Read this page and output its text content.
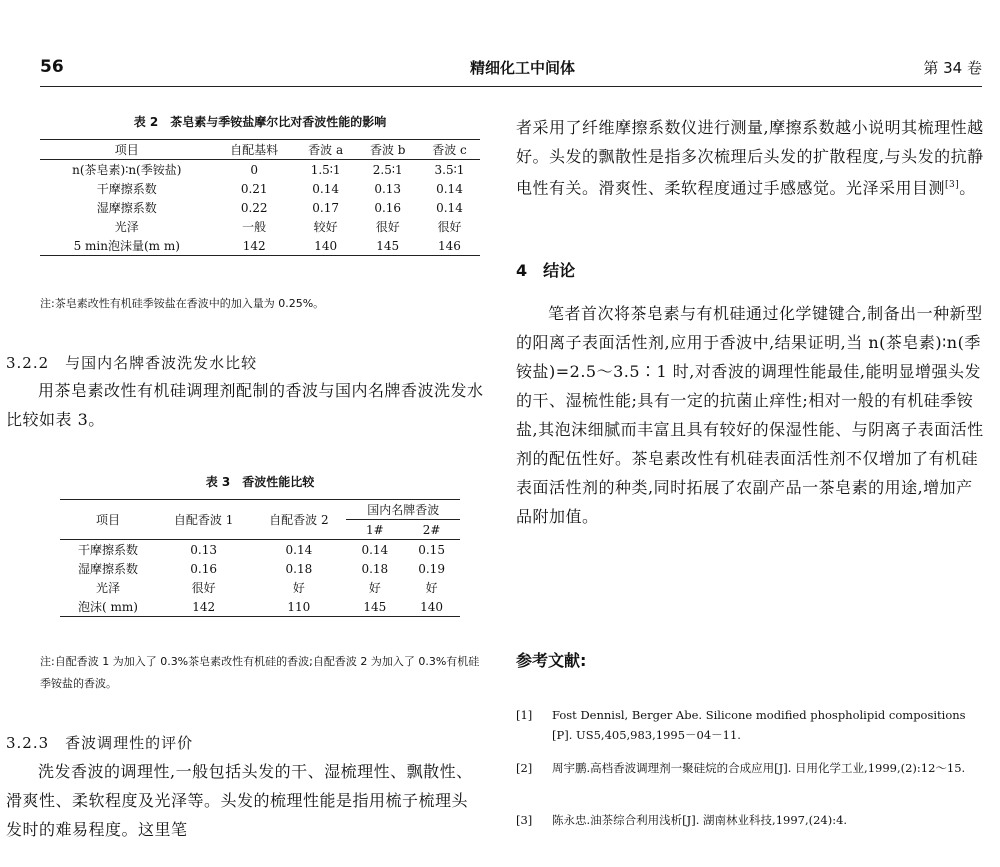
56	精细化工中间体	第 34 卷
表 2　茶皂素与季铵盐摩尔比对香波性能的影响
项目	自配基料	香波 a	香波 b	香波 c
n(茶皂素)∶n(季铵盐)	0	1.5∶1	2.5∶1	3.5∶1
干摩擦系数	0.21	0.14	0.13	0.14
湿摩擦系数	0.22	0.17	0.16	0.14
光泽	一般	较好	很好	很好
5 min泡沫量(m m)	142	140	145	146
注:茶皂素改性有机硅季铵盐在香波中的加入量为 0.25%。
3.2.2　与国内名牌香波洗发水比较

用茶皂素改性有机硅调理剂配制的香波与国内名牌香波洗发水比较如表 3。

表 3　香波性能比较
项目	自配香波 1	自配香波 2	国内名牌香波	
			1#	2#
干摩擦系数	0.13	0.14	0.14	0.15
湿摩擦系数	0.16	0.18	0.18	0.19
光泽	很好	好	好	好
泡沫( mm)	142	110	145	140
注:自配香波 1 为加入了 0.3%茶皂素改性有机硅的香波;自配香波 2 为加入了 0.3%有机硅季铵盐的香波。
3.2.3　香波调理性的评价

洗发香波的调理性,一般包括头发的干、湿梳理性、飘散性、滑爽性、柔软程度及光泽等。头发的梳理性能是指用梳子梳理头发时的难易程度。这里笔

者采用了纤维摩擦系数仪进行测量,摩擦系数越小说明其梳理性越好。头发的飘散性是指多次梳理后头发的扩散程度,与头发的抗静电性有关。滑爽性、柔软程度通过手感感觉。光泽采用目测[3]。

4　结论

笔者首次将茶皂素与有机硅通过化学键键合,制备出一种新型的阳离子表面活性剂,应用于香波中,结果证明,当 n(茶皂素)∶n(季铵盐)=2.5～3.5∶1 时,对香波的调理性能最佳,能明显增强头发的干、湿梳性能;具有一定的抗菌止痒性;相对一般的有机硅季铵盐,其泡沫细腻而丰富且具有较好的保湿性能、与阴离子表面活性剂的配伍性好。茶皂素改性有机硅表面活性剂不仅增加了有机硅表面活性剂的种类,同时拓展了农副产品一茶皂素的用途,增加产品附加值。

参考文献:
[1] Fost Dennisl, Berger Abe. Silicone modified phospholipid compositions [P]. US5,405,983,1995－04－11.
[2] 周宇鹏.高档香波调理剂一聚硅烷的合成应用[J]. 日用化学工业,1999,(2):12～15.
[3] 陈永忠.油茶综合利用浅析[J]. 湖南林业科技,1997,(24):4.
